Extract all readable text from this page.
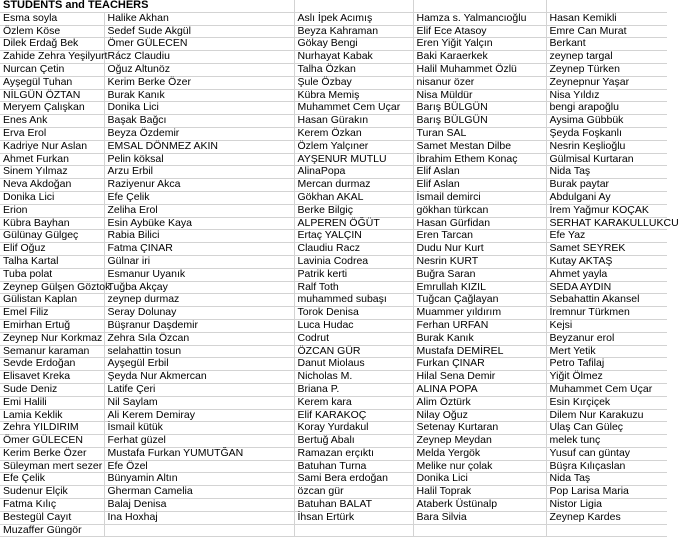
STUDENTS and TEACHERS				
Esma soyla	Halike Akhan	Aslı İpek Acımış	Hamza s. Yalmancıoğlu	Hasan Kemikli
Özlem Köse	Sedef Sude Akgül	Beyza Kahraman	Elif Ece Atasoy	Emre Can Murat
Dilek Erdağ Bek	Ömer GÜLECEN	Gökay Bengi	Eren Yiğit Yalçın	Berkant
Zahide Zehra Yeşilyurt	Rácz Claudiu	Nurhayat Kabak	Baki Karaerkek	zeynep targal
Nurcan Çetin	Oğuz Altunöz	Talha Özkan	Halil Muhammet Özlü	Zeynep Türken
Ayşegül Tuhan	Kerim Berke Özer	Şule Özbay	nisanur özer	Zeynepnur Yaşar
NİLGÜN ÖZTAN	Burak Kanık	Kübra Memiş	Nisa Müldür	Nisa Yıldız
Meryem Çalışkan	Donika Lici	Muhammet Cem Uçar	Barış BÜLGÜN	bengi arapoğlu
Enes Ank	Başak Bağcı	Hasan Gürakın	Barış BÜLGÜN	Aysima Gübbük
Erva Erol	Beyza Özdemir	Kerem Özkan	Turan SAL	Şeyda Foşkanlı
Kadriye Nur Aslan	EMSAL DÖNMEZ AKIN	Özlem Yalçıner	Samet Mestan Dilbe	Nesrin Keşlioğlu
Ahmet Furkan	Pelin köksal	AYŞENUR MUTLU	İbrahim Ethem Konaç	Gülmisal Kurtaran
Sinem Yılmaz	Arzu Erbil	AlinaPopa	Elif Aslan	Nida Taş
Neva Akdoğan	Raziyenur Akca	Mercan durmaz	Elif Aslan	Burak paytar
Donika Lici	Efe Çelik	Gökhan AKAL	İsmail demirci	Abdulgani Ay
Erion	Zeliha Erol	Berke Bilgiç	gökhan türkcan	İrem Yağmur KOÇAK
Kübra Bayhan	Esin Aybüke Kaya	ALPEREN ÖĞÜT	Hasan Gürfidan	SERHAT KARAKULLUKCU
Gülünay Gülgeç	Rabia Bilici	Ertaç YALÇIN	Eren Tarcan	Efe Yaz
Elif Oğuz	Fatma ÇINAR	Claudiu Racz	Dudu Nur Kurt	Samet SEYREK
Talha Kartal	Gülnar iri	Lavinia Codrea	Nesrin KURT	Kutay AKTAŞ
Tuba polat	Esmanur Uyanık	Patrik kerti	Buğra Saran	Ahmet yayla
Zeynep Gülşen Göztok	Tuğba Akçay	Ralf Toth	Emrullah KIZIL	SEDA AYDIN
Gülistan Kaplan	zeynep durmaz	muhammed subaşı	Tuğcan Çağlayan	Sebahattin Akansel
Emel Filiz	Seray Dolunay	Torok Denisa	Muammer yıldırım	İremnur Türkmen
Emirhan Ertuğ	Büşranur Daşdemir	Luca Hudac	Ferhan URFAN	Kejsi
Zeynep Nur Korkmaz	Zehra Sıla Özcan	Codrut	Burak Kanık	Beyzanur erol
Semanur karaman	selahattin tosun	ÖZCAN GÜR	Mustafa DEMİREL	Mert Yetik
Sevde Erdoğan	Ayşegül Erbil	Danut Miolaus	Furkan ÇINAR	Petro Tafilaj
Elisavet Kreka	Şeyda Nur Akmercan	Nicholas M.	Hilal Sena Demir	Yiğit Ölmez
Sude Deniz	Latife Çeri	Briana P.	ALINA POPA	Muhammet Cem Uçar
Emi Halili	Nil Saylam	Kerem kara	Alim Öztürk	Esin Kırçiçek
Lamia Keklik	Ali Kerem Demiray	Elif KARAKOÇ	Nilay Oğuz	Dilem Nur Karakuzu
Zehra YILDIRIM	İsmail kütük	Koray Yurdakul	Setenay Kurtaran	Ulaş Can Güleç
Ömer GÜLECEN	Ferhat güzel	Bertuğ Abalı	Zeynep Meydan	melek tunç
Kerim Berke Özer	Mustafa Furkan YUMUTĞAN	Ramazan erçıktı	Melda Yergök	Yusuf can güntay
Süleyman mert sezer	Efe Özel	Batuhan Turna	Melike nur çolak	Büşra Kılıçaslan
Efe Çelik	Bünyamin Altın	Sami Bera erdoğan	Donika Lici	Nida Taş
Sudenur Elçik	Gherman Camelia	özcan gür	Halil Toprak	Pop Larisa Maria
Fatma Kılıç	Balaj Denisa	Batuhan BALAT	Ataberk Üstünalp	Nistor Ligia
Bestegül Cayıt	Ina Hoxhaj	İhsan Ertürk	Bara Silvia	Zeynep Kardes
Muzaffer Güngör				
